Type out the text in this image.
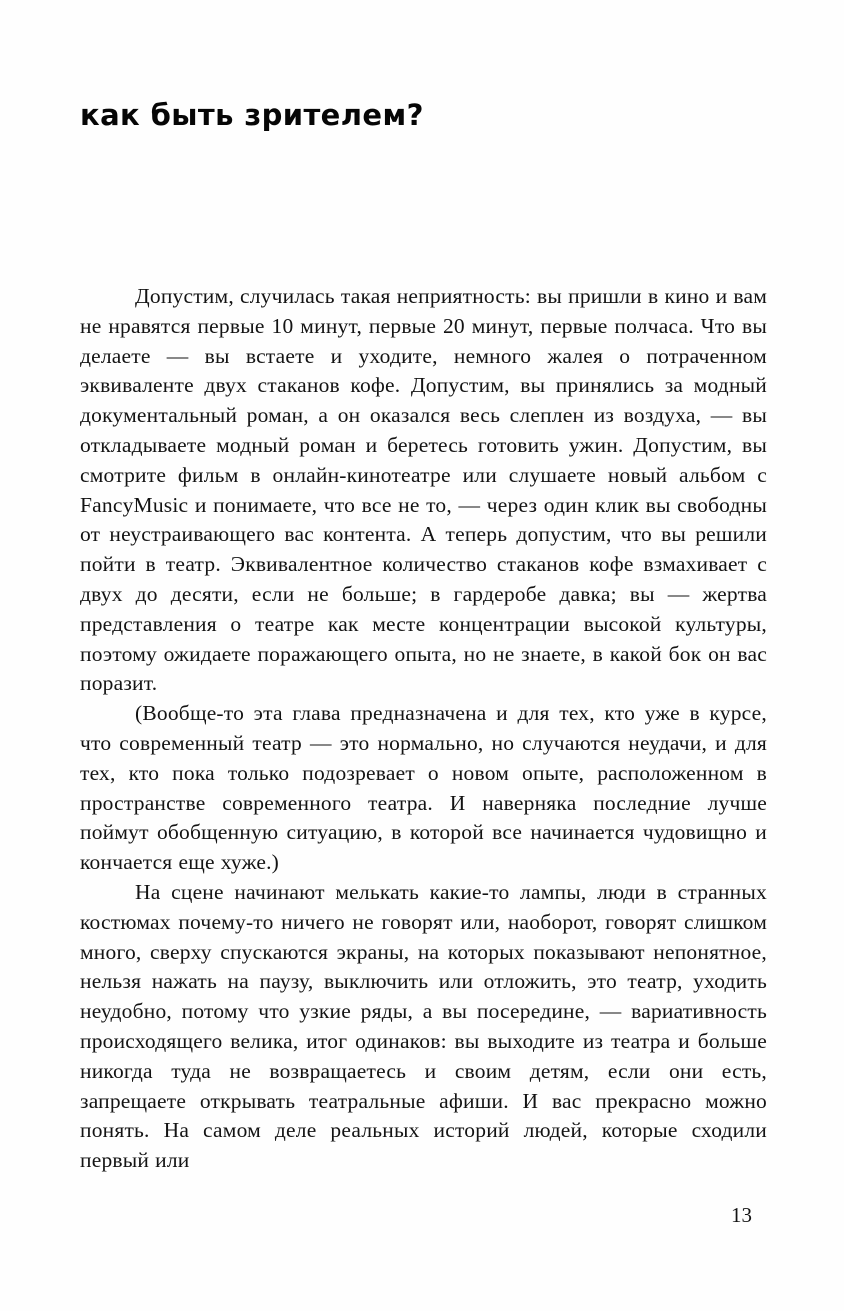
как быть зрителем?

Допустим, случилась такая неприятность: вы пришли в кино и вам не нравятся первые 10 минут, первые 20 минут, первые полчаса. Что вы делаете — вы встаете и уходите, немного жалея о потраченном эквиваленте двух стаканов кофе. Допустим, вы принялись за модный документальный роман, а он оказался весь слеплен из воздуха, — вы откладываете модный роман и беретесь готовить ужин. Допустим, вы смотрите фильм в онлайн-кинотеатре или слушаете новый альбом с FancyMusic и понимаете, что все не то, — через один клик вы свободны от неустраивающего вас контента. А теперь допустим, что вы решили пойти в театр. Эквивалентное количество стаканов кофе взмахивает с двух до десяти, если не больше; в гардеробе давка; вы — жертва представления о театре как месте концентрации высокой культуры, поэтому ожидаете поражающего опыта, но не знаете, в какой бок он вас поразит.

(Вообще-то эта глава предназначена и для тех, кто уже в курсе, что современный театр — это нормально, но случаются неудачи, и для тех, кто пока только подозревает о новом опыте, расположенном в пространстве современного театра. И наверняка последние лучше поймут обобщенную ситуацию, в которой все начинается чудовищно и кончается еще хуже.)

На сцене начинают мелькать какие-то лампы, люди в странных костюмах почему-то ничего не говорят или, наоборот, говорят слишком много, сверху спускаются экраны, на которых показывают непонятное, нельзя нажать на паузу, выключить или отложить, это театр, уходить неудобно, потому что узкие ряды, а вы посередине, — вариативность происходящего велика, итог одинаков: вы выходите из театра и больше никогда туда не возвращаетесь и своим детям, если они есть, запрещаете открывать театральные афиши. И вас прекрасно можно понять. На самом деле реальных историй людей, которые сходили первый или

13
